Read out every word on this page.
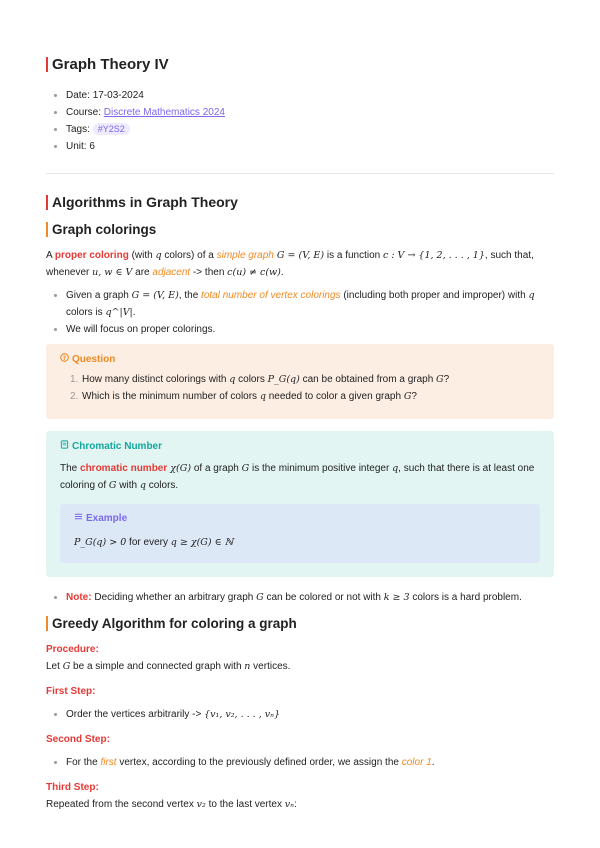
Graph Theory IV
Date: 17-03-2024
Course: Discrete Mathematics 2024
Tags: #Y2S2
Unit: 6
Algorithms in Graph Theory
Graph colorings

A proper coloring (with q colors) of a simple graph G = (V, E) is a function c : V → {1, 2, . . . , 1}, such that,
whenever u, w ∈ V are adjacent -> then c(u) ≠ c(w).

Given a graph G = (V, E), the total number of vertex colorings (including both proper and improper) with q
colors is q^|V|.
We will focus on proper colorings.
? Question
1. How many distinct colorings with q colors P_G(q) can be obtained from a graph G?
2. Which is the minimum number of colors q needed to color a given graph G?
Chromatic Number

The chromatic number χ(G) of a graph G is the minimum positive integer q, such that there is at least one
coloring of G with q colors.

Example
P_G(q) > 0 for every q ≥ χ(G) ∈ ℕ
Note: Deciding whether an arbitrary graph G can be colored or not with k ≥ 3 colors is a hard problem.
Greedy Algorithm for coloring a graph
Procedure:

Let G be a simple and connected graph with n vertices.

First Step:
Order the vertices arbitrarily -> {v₁, v₂, . . . , vₙ}
Second Step:
For the first vertex, according to the previously defined order, we assign the color 1.
Third Step:

Repeated from the second vertex v₂ to the last vertex vₙ:
